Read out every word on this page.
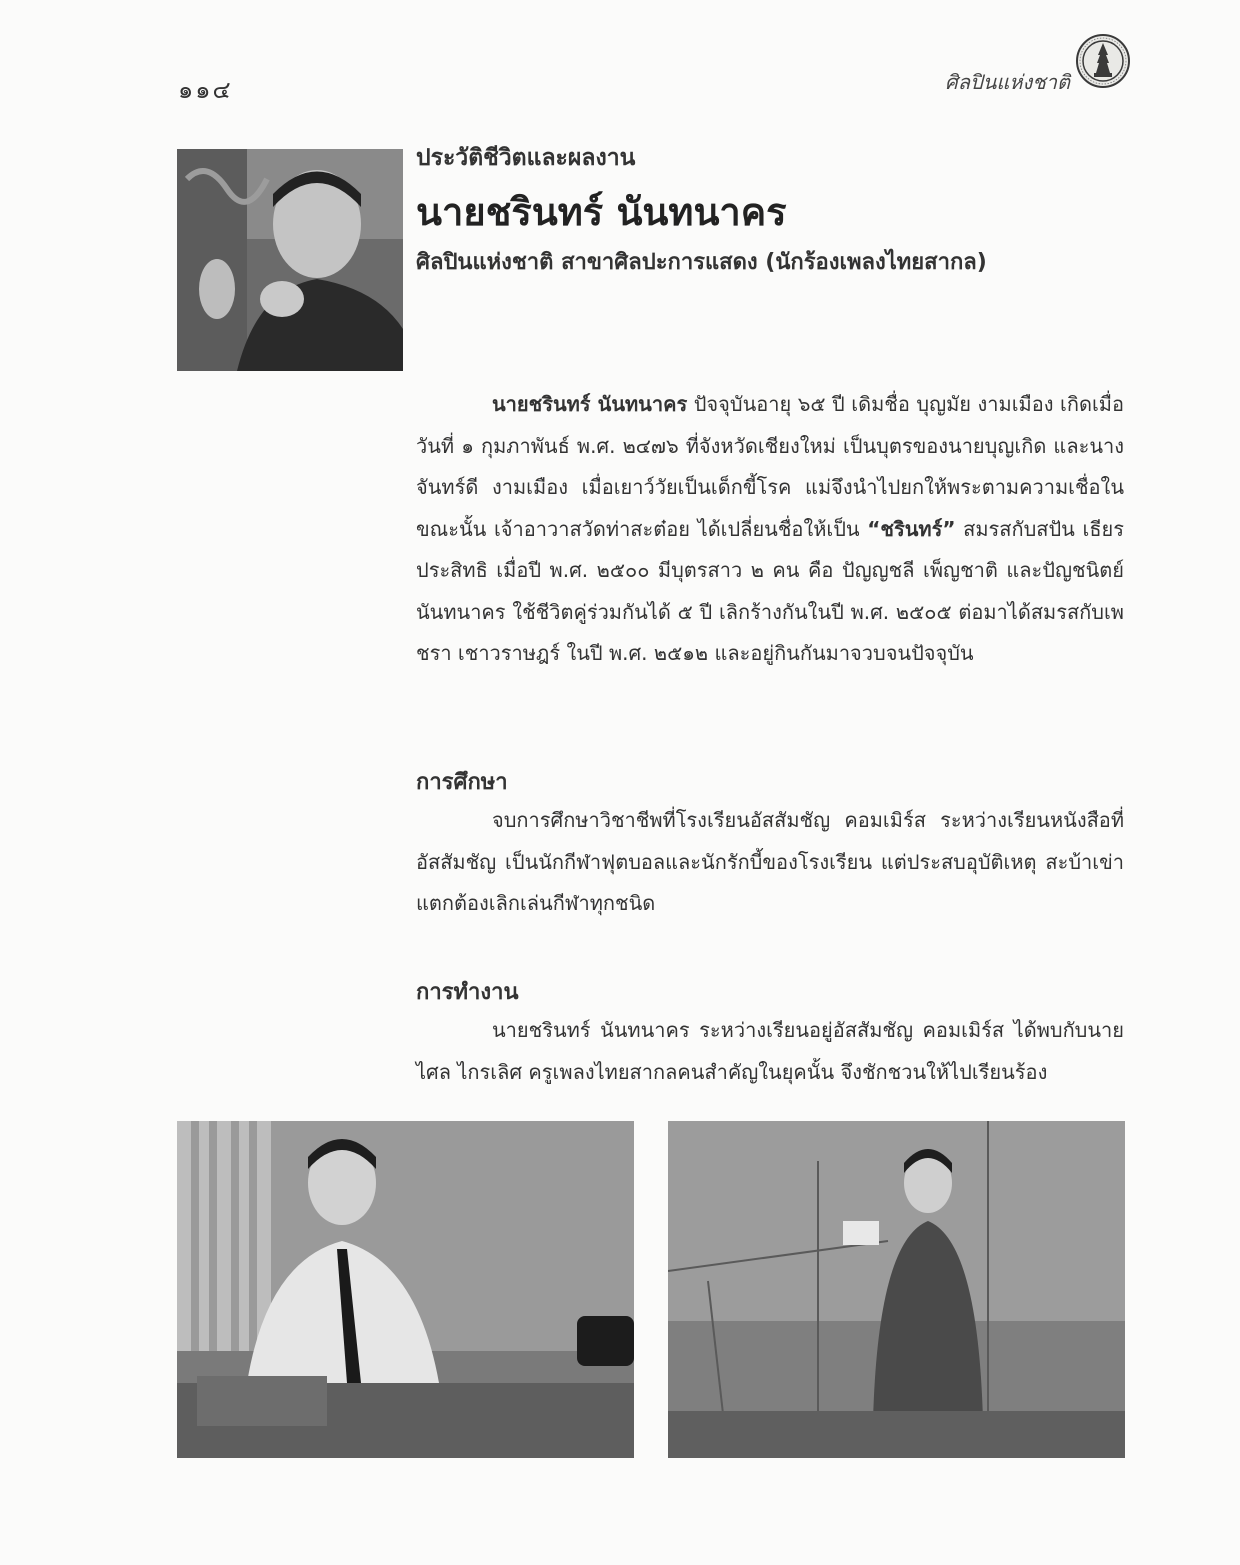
๑๑๔	ศิลปินแห่งชาติ

ประวัติชีวิตและผลงาน

นายชรินทร์ นันทนาคร

ศิลปินแห่งชาติ สาขาศิลปะการแสดง (นักร้องเพลงไทยสากล)

นายชรินทร์ นันทนาคร ปัจจุบันอายุ ๖๕ ปี เดิมชื่อ บุญมัย งามเมือง เกิดเมื่อวันที่ ๑ กุมภาพันธ์ พ.ศ. ๒๔๗๖ ที่จังหวัดเชียงใหม่ เป็นบุตรของนายบุญเกิด และนางจันทร์ดี งามเมือง เมื่อเยาว์วัยเป็นเด็กขี้โรค แม่จึงนำไปยกให้พระตามความเชื่อในขณะนั้น เจ้าอาวาสวัดท่าสะต๋อย ได้เปลี่ยนชื่อให้เป็น “ชรินทร์” สมรสกับสปัน เธียรประสิทธิ เมื่อปี พ.ศ. ๒๕๐๐ มีบุตรสาว ๒ คน คือ ปัญญชลี เพ็ญชาติ และปัญชนิตย์ นันทนาคร ใช้ชีวิตคู่ร่วมกันได้ ๕ ปี เลิกร้างกันในปี พ.ศ. ๒๕๐๕ ต่อมาได้สมรสกับเพชรา เชาวราษฎร์ ในปี พ.ศ. ๒๕๑๒ และอยู่กินกันมาจวบจนปัจจุบัน

การศึกษา

จบการศึกษาวิชาชีพที่โรงเรียนอัสสัมชัญ คอมเมิร์ส ระหว่างเรียนหนังสือที่อัสสัมชัญ เป็นนักกีฬาฟุตบอลและนักรักบี้ของโรงเรียน แต่ประสบอุบัติเหตุ สะบ้าเข่าแตกต้องเลิกเล่นกีฬาทุกชนิด

การทำงาน

นายชรินทร์ นันทนาคร ระหว่างเรียนอยู่อัสสัมชัญ คอมเมิร์ส ได้พบกับนายไศล ไกรเลิศ ครูเพลงไทยสากลคนสำคัญในยุคนั้น จึงชักชวนให้ไปเรียนร้อง
